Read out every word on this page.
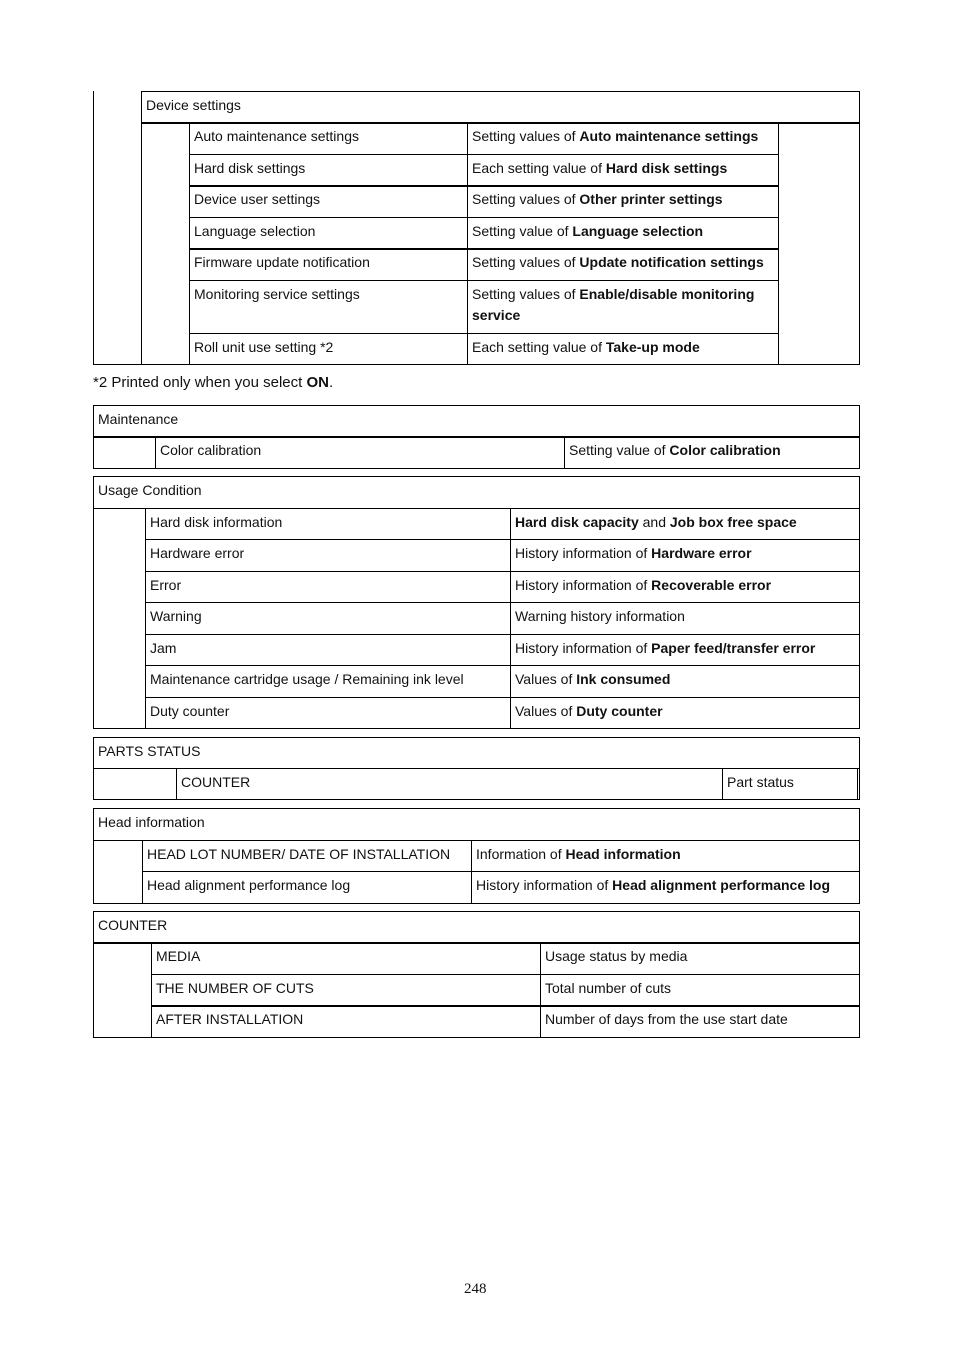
Device settings
Auto maintenance settings	Setting values of Auto maintenance settings
Hard disk settings	Each setting value of Hard disk settings
Device user settings	Setting values of Other printer settings
Language selection	Setting value of Language selection
Firmware update notification	Setting values of Update notification settings
Monitoring service settings	Setting values of Enable/disable monitoring
service
Roll unit use setting *2	Each setting value of Take-up mode
*2 Printed only when you select ON.
Maintenance
Color calibration	Setting value of Color calibration
Usage Condition
Hard disk information	Hard disk capacity and Job box free space
Hardware error	History information of Hardware error
Error	History information of Recoverable error
Warning	Warning history information
Jam	History information of Paper feed/transfer error
Maintenance cartridge usage / Remaining ink level	Values of Ink consumed
Duty counter	Values of Duty counter
PARTS STATUS
COUNTER	Part status
Head information
HEAD LOT NUMBER/ DATE OF INSTALLATION	Information of Head information
Head alignment performance log	History information of Head alignment performance log
COUNTER
MEDIA	Usage status by media
THE NUMBER OF CUTS	Total number of cuts
AFTER INSTALLATION	Number of days from the use start date
248
